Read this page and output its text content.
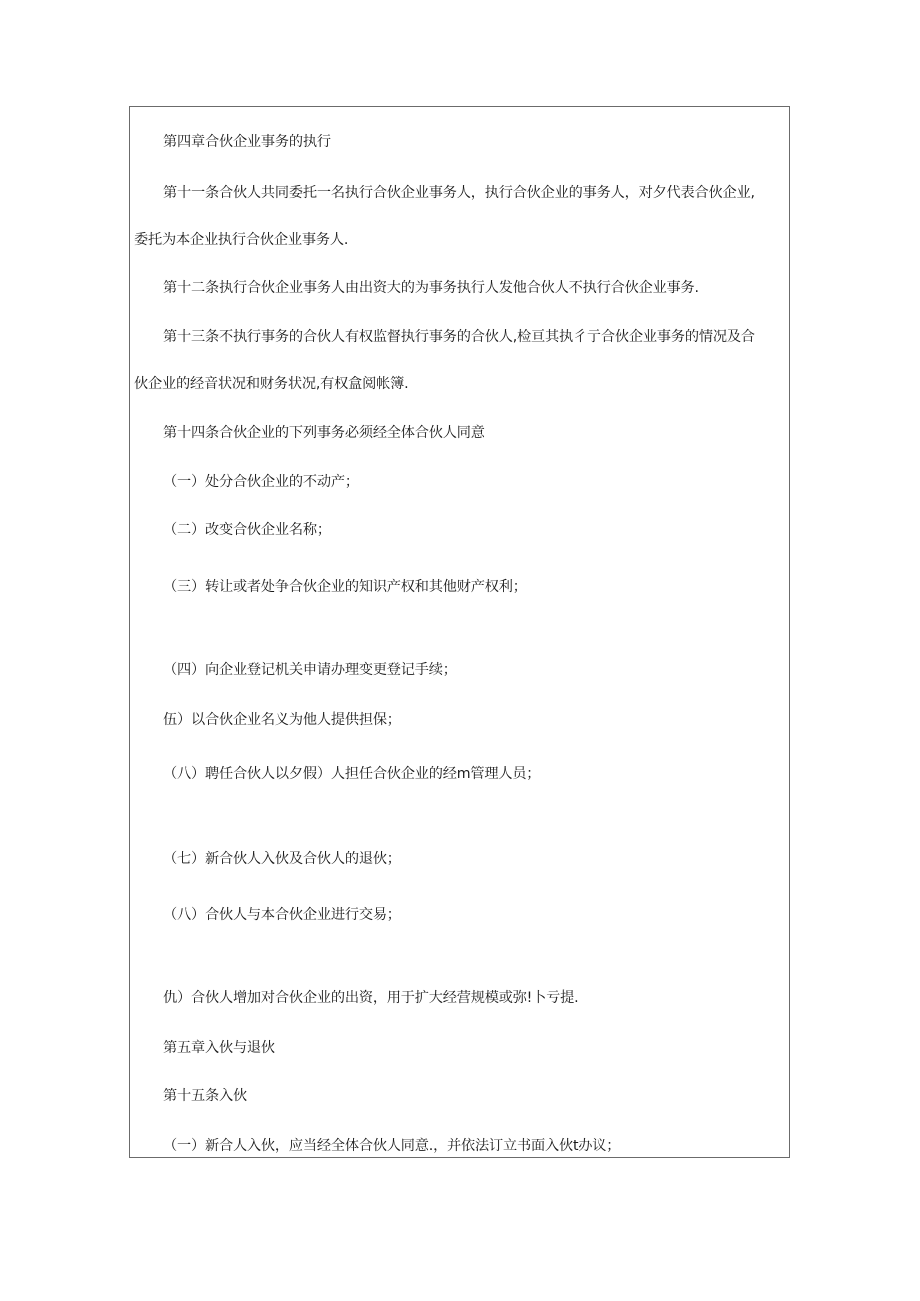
第四章合伙企业事务的执行
第十一条合伙人共同委托一名执行合伙企业事务人，执行合伙企业的事务人，对夕代表合伙企业,
委托为本企业执行合伙企业事务人.
第十二条执行合伙企业事务人由出资大的为事务执行人发他合伙人不执行合伙企业事务.
第十三条不执行事务的合伙人有权监督执行事务的合伙人,检亘其执彳亍合伙企业事务的情况及合
伙企业的经音状况和财务状况,有权盒阅帐簿.
第十四条合伙企业的下列事务必须经全体合伙人同意
（一）处分合伙企业的不动产；
（二）改变合伙企业名称；
（三）转让或者处争合伙企业的知识产权和其他财产权利；
（四）向企业登记机关申请办理变更登记手续；
伍）以合伙企业名义为他人提供担保；
（八）聘任合伙人以夕假）人担任合伙企业的经m管理人员；
（七）新合伙人入伙及合伙人的退伙；
（八）合伙人与本合伙企业进行交易；
仇）合伙人增加对合伙企业的出资，用于扩大经营规模或弥!卜亏提.
第五章入伙与退伙
第十五条入伙
（一）新合人入伙，应当经全体合伙人同意.，并依法订立书面入伙t办议；
